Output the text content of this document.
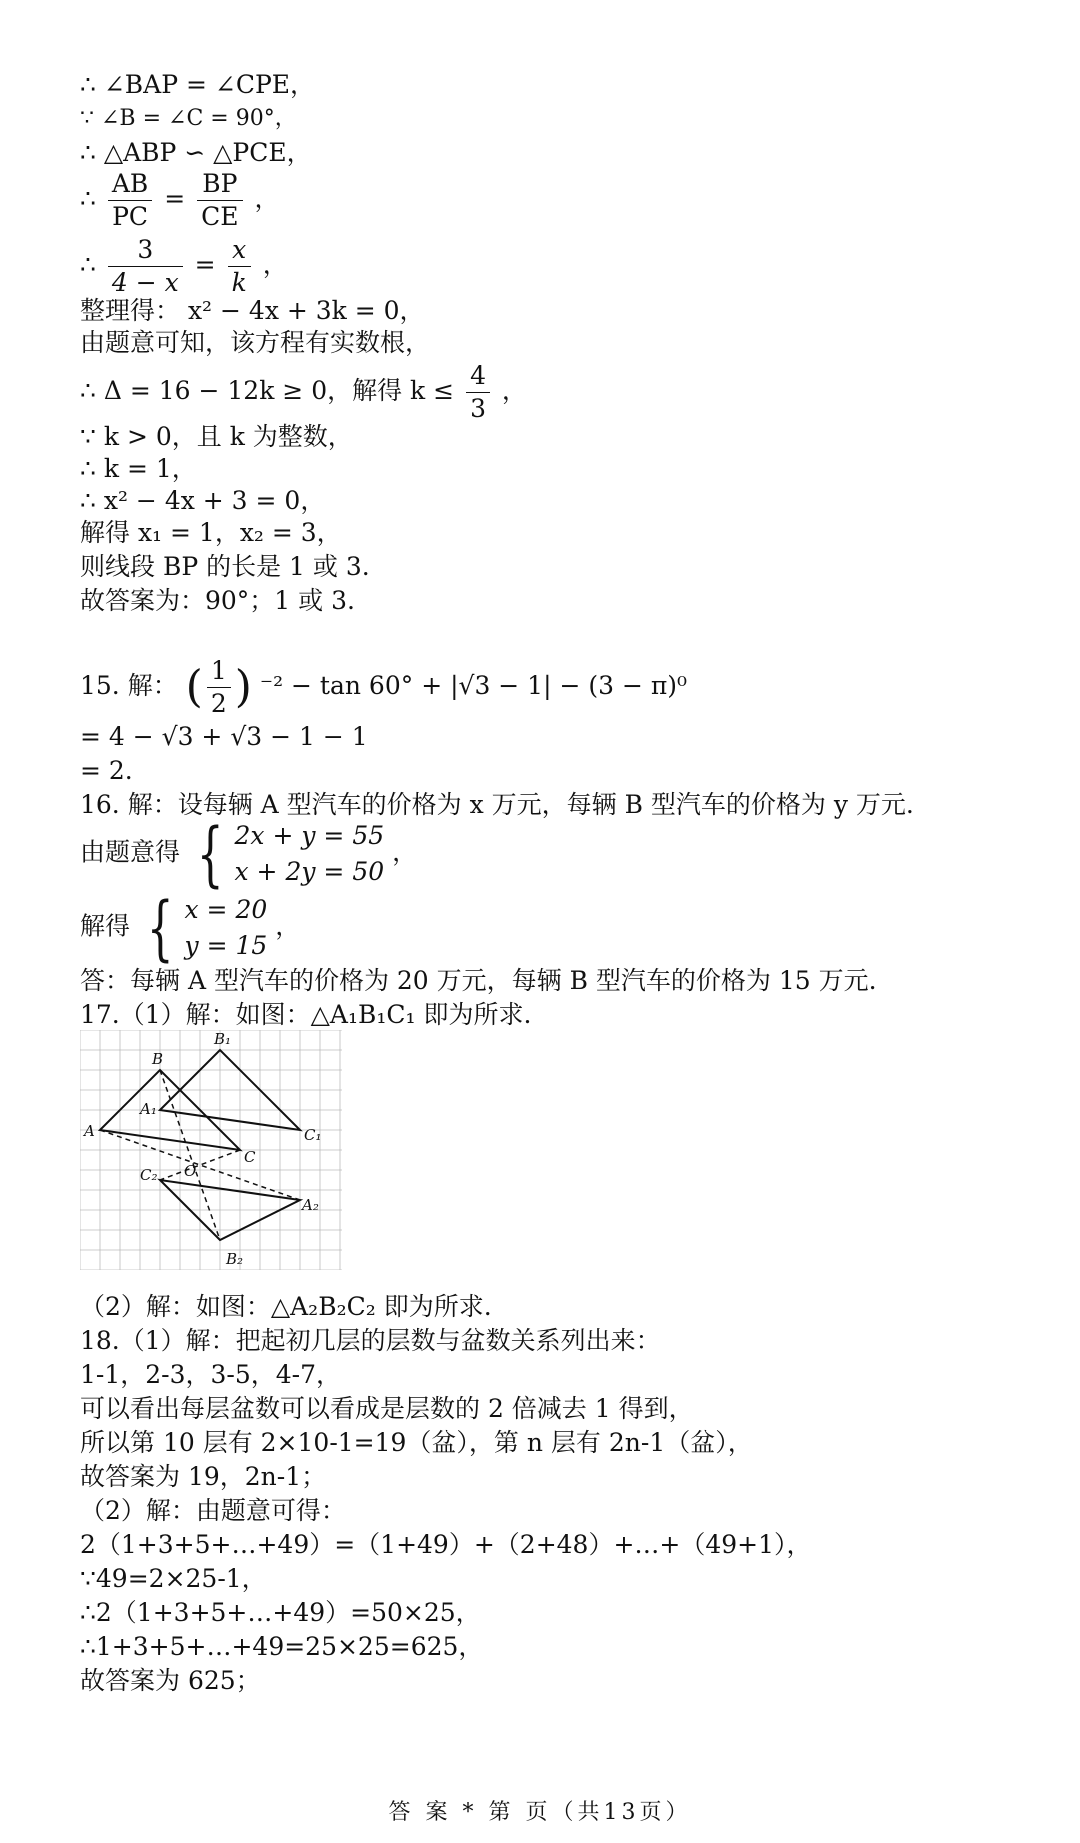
∴ ∠BAP = ∠CPE，
∵ ∠B = ∠C = 90°，
∴ △ABP ∽ △PCE，
∴ $\frac{AB}{PC} = \frac{BP}{CE}$ ，
∴ $\frac{3}{4 - x} = \frac{x}{k}$ ，
整理得： x² − 4x + 3k = 0，
由题意可知，该方程有实数根，
∴ Δ = 16 − 12k ≥ 0，解得 $k \le \frac{4}{3}$ ，
∵ k > 0，且 k 为整数，
∴ k = 1，
∴ x² − 4x + 3 = 0，
解得 x₁ = 1，x₂ = 3，
则线段 BP 的长是 1 或 3.
故答案为：90°；1 或 3.
15. 解： ( $\frac{1}{2}$ ) ⁻² − tan 60° + |√3 − 1| − (3 − π)⁰
= 4 − √3 + √3 − 1 − 1
= 2.
16. 解：设每辆 A 型汽车的价格为 x 万元，每辆 B 型汽车的价格为 y 万元.
由题意得 { 2x + y = 55
x + 2y = 50
，
解得 { x = 20
y = 15
，
答：每辆 A 型汽车的价格为 20 万元，每辆 B 型汽车的价格为 15 万元.
17.（1）解：如图：△A₁B₁C₁ 即为所求.
A
B
C
O
A₁
B₁
C₁
A₂
B₂
C₂
（2）解：如图：△A₂B₂C₂ 即为所求.
18.（1）解：把起初几层的层数与盆数关系列出来：
1-1，2-3，3-5，4-7，
可以看出每层盆数可以看成是层数的 2 倍减去 1 得到，
所以第 10 层有 2×10-1=19（盆），第 n 层有 2n-1（盆），
故答案为 19，2n-1；
（2）解：由题意可得：
2（1+3+5+…+49）=（1+49）+（2+48）+…+（49+1），
∵49=2×25-1，
∴2（1+3+5+…+49）=50×25，
∴1+3+5+…+49=25×25=625，
故答案为 625；
答 案 * 第 页（共13页）
